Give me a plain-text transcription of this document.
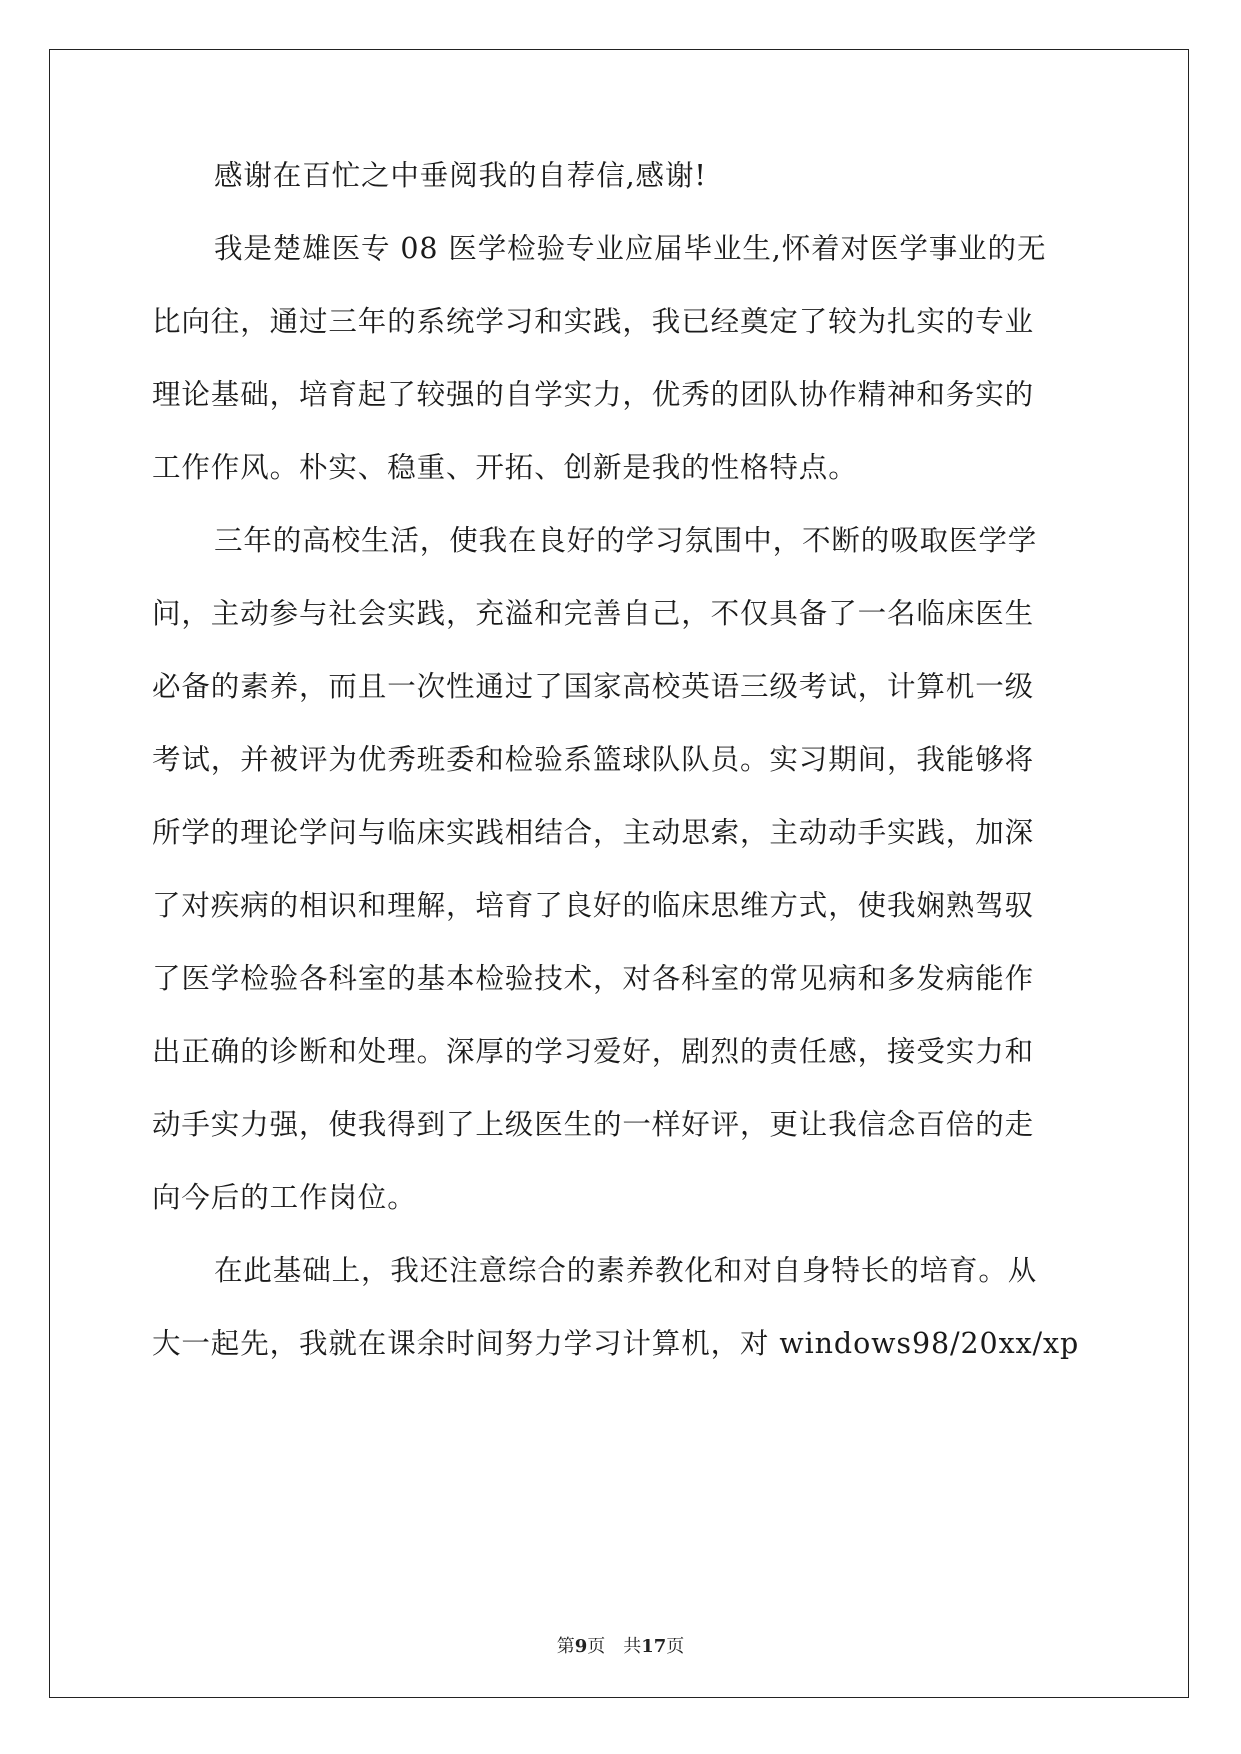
感谢在百忙之中垂阅我的自荐信,感谢!
我是楚雄医专 08 医学检验专业应届毕业生,怀着对医学事业的无
比向往，通过三年的系统学习和实践，我已经奠定了较为扎实的专业
理论基础，培育起了较强的自学实力，优秀的团队协作精神和务实的
工作作风。朴实、稳重、开拓、创新是我的性格特点。
三年的高校生活，使我在良好的学习氛围中，不断的吸取医学学
问，主动参与社会实践，充溢和完善自己，不仅具备了一名临床医生
必备的素养，而且一次性通过了国家高校英语三级考试，计算机一级
考试，并被评为优秀班委和检验系篮球队队员。实习期间，我能够将
所学的理论学问与临床实践相结合，主动思索，主动动手实践，加深
了对疾病的相识和理解，培育了良好的临床思维方式，使我娴熟驾驭
了医学检验各科室的基本检验技术，对各科室的常见病和多发病能作
出正确的诊断和处理。深厚的学习爱好，剧烈的责任感，接受实力和
动手实力强，使我得到了上级医生的一样好评，更让我信念百倍的走
向今后的工作岗位。
在此基础上，我还注意综合的素养教化和对自身特长的培育。从
大一起先，我就在课余时间努力学习计算机，对 windows98/20xx/xp
第9页　共17页
